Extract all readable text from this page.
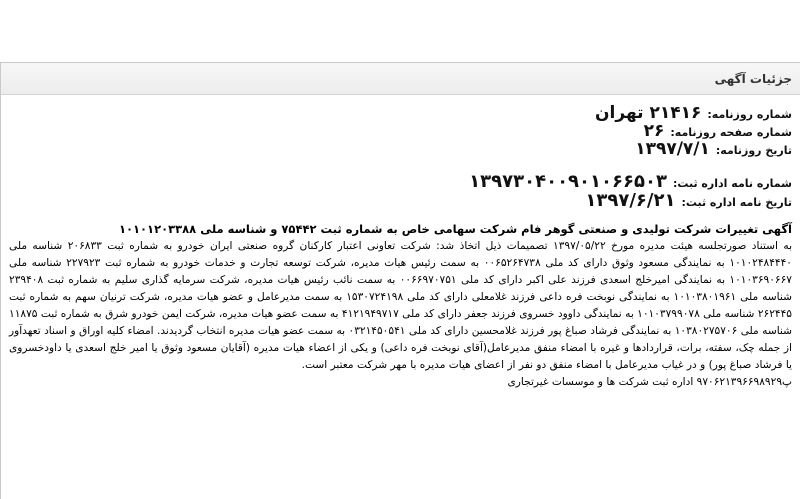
جزئیات آگهی
شماره روزنامه:
۲۱۴۱۶ تهران
شماره صفحه روزنامه:
۲۶
تاریخ روزنامه:
۱۳۹۷/۷/۱
شماره نامه اداره ثبت:
۱۳۹۷۳۰۴۰۰۹۰۱۰۶۶۵۰۳
تاریخ نامه اداره ثبت:
۱۳۹۷/۶/۲۱
آگهی تغییرات شرکت تولیدی و صنعتی گوهر فام شرکت سهامی خاص به شماره ثبت ۷۵۴۴۲ و شناسه ملی ۱۰۱۰۱۲۰۳۳۸۸

به استناد صورتجلسه هیئت مدیره مورخ ۱۳۹۷/۰۵/۲۲ تصمیمات ذیل اتخاذ شد: شرکت تعاونی اعتبار کارکنان گروه صنعتی ایران خودرو به شماره ثبت ۲۰۶۸۳۳ شناسه ملی ۱۰۱۰۲۴۸۴۴۴۰ به نمایندگی مسعود وثوق دارای کد ملی ۰۰۶۵۲۶۴۷۳۸ به سمت رئیس هیات مدیره، شرکت توسعه تجارت و خدمات خودرو به شماره ثبت ۲۲۷۹۲۳ شناسه ملی ۱۰۱۰۳۶۹۰۶۶۷ به نمایندگی امیرخلج اسعدی فرزند علی اکبر دارای کد ملی ۰۰۶۶۹۷۰۷۵۱ به سمت نائب رئیس هیات مدیره، شرکت سرمایه گذاری سلیم به شماره ثبت ۲۳۹۴۰۸ شناسه ملی ۱۰۱۰۳۸۰۱۹۶۱ به نمایندگی نوبخت فره داعی فرزند غلامعلی دارای کد ملی ۱۵۳۰۷۲۴۱۹۸ به سمت مدیرعامل و عضو هیات مدیره، شرکت ترنیان سهم به شماره ثبت ۲۶۲۴۴۵ شناسه ملی ۱۰۱۰۳۷۹۹۰۷۸ به نمایندگی داوود خسروی فرزند جعفر دارای کد ملی ۴۱۲۱۹۴۹۷۱۷ به سمت عضو هیات مدیره، شرکت ایمن خودرو شرق به شماره ثبت ۱۱۸۷۵ شناسه ملی ۱۰۳۸۰۲۷۵۷۰۶ به نمایندگی فرشاد صباغ پور فرزند غلامحسین دارای کد ملی ۰۳۲۱۴۵۰۵۴۱ به سمت عضو هیات مدیره انتخاب گردیدند. امضاء کلیه اوراق و اسناد تعهدآور از جمله چک، سفته، برات، قراردادها و غیره با امضاء منفق مدیرعامل(آقای نوبخت فره داعی) و یکی از اعضاء هیات مدیره (آقایان مسعود وثوق یا امیر خلج اسعدی یا داودخسروی یا فرشاد صباغ پور) و در غیاب مدیرعامل با امضاء منفق دو نفر از اعضای هیات مدیره با مهر شرکت معتبر است.

پ۹۷۰۶۲۱۳۹۶۶۹۸۹۲۹ اداره ثبت شرکت ها و موسسات غیرتجاری
